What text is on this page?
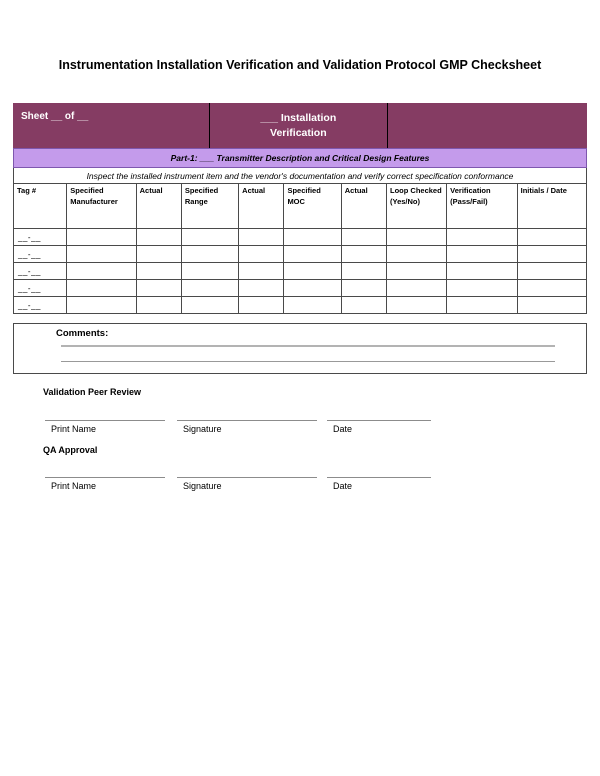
Instrumentation Installation Verification and Validation Protocol GMP Checksheet
Sheet __ of __	___ Installation
Verification
Part-1: ___ Transmitter Description and Critical Design Features
Inspect the installed instrument item and the vendor's documentation and verify correct specification conformance
Tag #	Specified Manufacturer	Actual	Specified Range	Actual	Specified MOC	Actual	Loop Checked (Yes/No)	Verification (Pass/Fail)	Initials / Date
__-__									
__-__									
__-__									
__-__									
__-__									
Comments:
Validation Peer Review
Print Name	Signature	Date
QA Approval
Print Name	Signature	Date
